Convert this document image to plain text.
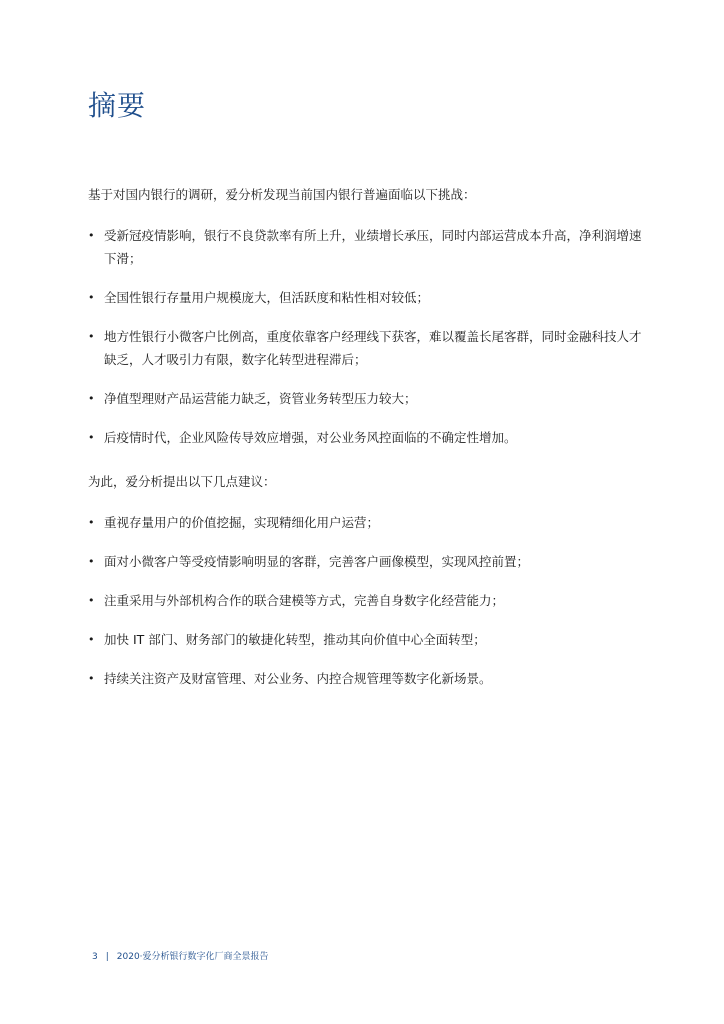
摘要

基于对国内银行的调研，爱分析发现当前国内银行普遍面临以下挑战：

• 受新冠疫情影响，银行不良贷款率有所上升，业绩增长承压，同时内部运营成本升高，净利润增速下滑；
• 全国性银行存量用户规模庞大，但活跃度和粘性相对较低；
• 地方性银行小微客户比例高，重度依靠客户经理线下获客，难以覆盖长尾客群，同时金融科技人才缺乏，人才吸引力有限，数字化转型进程滞后；
• 净值型理财产品运营能力缺乏，资管业务转型压力较大；
• 后疫情时代，企业风险传导效应增强，对公业务风控面临的不确定性增加。

为此，爱分析提出以下几点建议：

• 重视存量用户的价值挖掘，实现精细化用户运营；
• 面对小微客户等受疫情影响明显的客群，完善客户画像模型，实现风控前置；
• 注重采用与外部机构合作的联合建模等方式，完善自身数字化经营能力；
• 加快 IT 部门、财务部门的敏捷化转型，推动其向价值中心全面转型；
• 持续关注资产及财富管理、对公业务、内控合规管理等数字化新场景。
3 | 2020·爱分析银行数字化厂商全景报告
